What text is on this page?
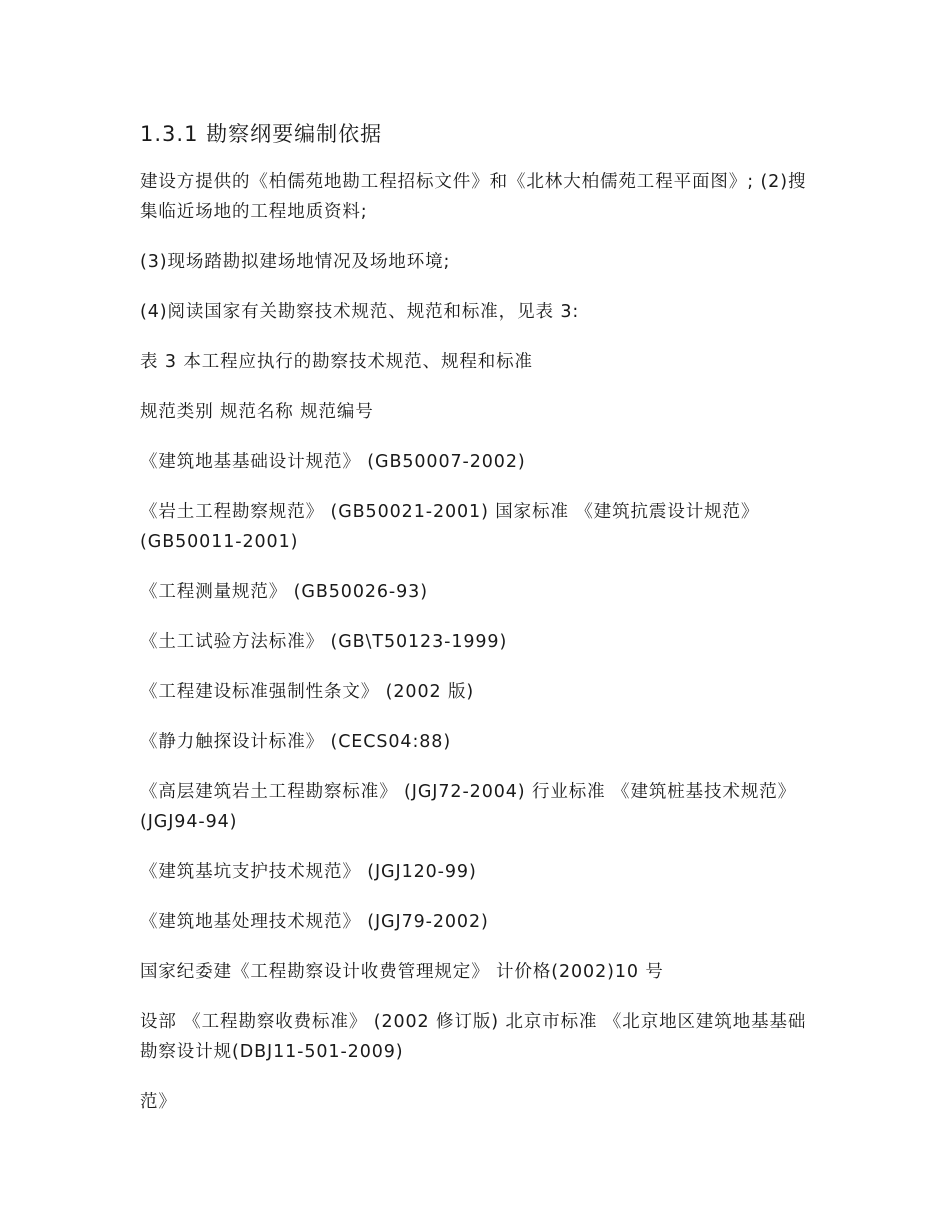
1.3.1 勘察纲要编制依据

建设方提供的《柏儒苑地勘工程招标文件》和《北林大柏儒苑工程平面图》; (2)搜集临近场地的工程地质资料;

(3)现场踏勘拟建场地情况及场地环境;

(4)阅读国家有关勘察技术规范、规范和标准，见表 3:

表 3 本工程应执行的勘察技术规范、规程和标准

规范类别 规范名称 规范编号

《建筑地基基础设计规范》 (GB50007-2002)

《岩土工程勘察规范》 (GB50021-2001) 国家标准 《建筑抗震设计规范》 (GB50011-2001)

《工程测量规范》 (GB50026-93)

《土工试验方法标准》 (GB\T50123-1999)

《工程建设标准强制性条文》 (2002 版)

《静力触探设计标准》 (CECS04:88)

《高层建筑岩土工程勘察标准》 (JGJ72-2004) 行业标准 《建筑桩基技术规范》 (JGJ94-94)

《建筑基坑支护技术规范》 (JGJ120-99)

《建筑地基处理技术规范》 (JGJ79-2002)

国家纪委建《工程勘察设计收费管理规定》 计价格(2002)10 号

设部 《工程勘察收费标准》 (2002 修订版) 北京市标准 《北京地区建筑地基基础勘察设计规(DBJ11-501-2009)

范》
